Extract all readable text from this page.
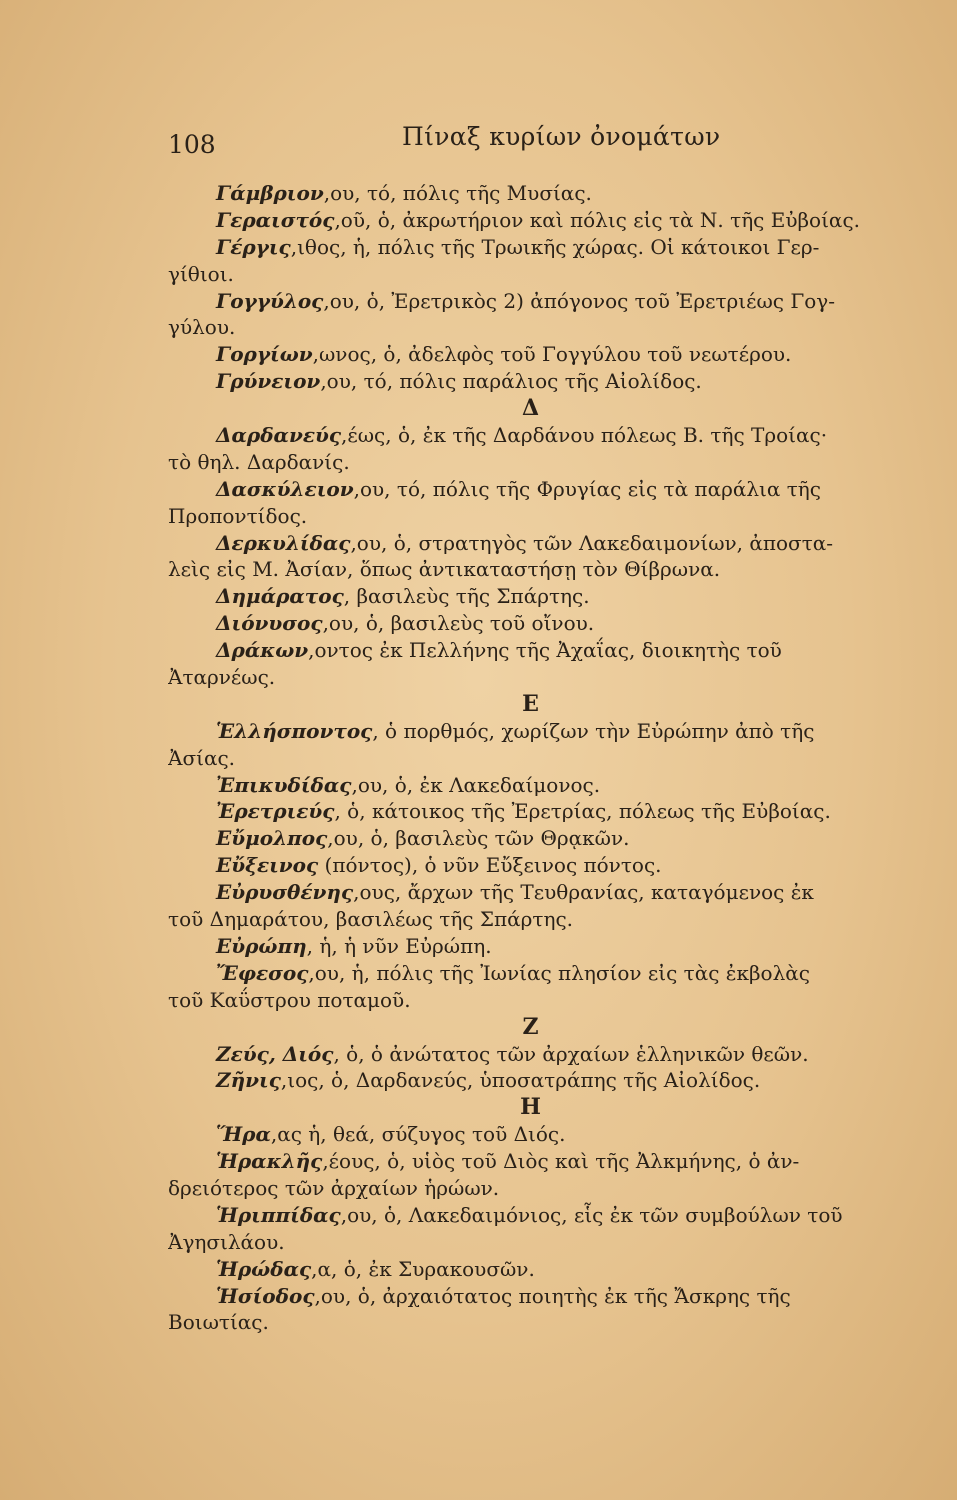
108	Πίναξ κυρίων ὀνομάτων
Γάμβριον,ου, τό, πόλις τῆς Μυσίας.
Γεραιστός,οῦ, ὁ, ἀκρωτήριον καὶ πόλις εἰς τὰ Ν. τῆς Εὐβοίας.
Γέργις,ιθος, ἡ, πόλις τῆς Τρωικῆς χώρας. Οἱ κάτοικοι Γερ-
γίθιοι.
Γογγύλος,ου, ὁ, Ἐρετρικὸς 2) ἀπόγονος τοῦ Ἐρετριέως Γογ-
γύλου.
Γοργίων,ωνος, ὁ, ἀδελφὸς τοῦ Γογγύλου τοῦ νεωτέρου.
Γρύνειον,ου, τό, πόλις παράλιος τῆς Αἰολίδος.
Δ
Δαρδανεύς,έως, ὁ, ἐκ τῆς Δαρδάνου πόλεως Β. τῆς Τροίας·
τὸ θηλ. Δαρδανίς.
Δασκύλειον,ου, τό, πόλις τῆς Φρυγίας εἰς τὰ παράλια τῆς
Προποντίδος.
Δερκυλίδας,ου, ὁ, στρατηγὸς τῶν Λακεδαιμονίων, ἀποστα-
λεὶς εἰς Μ. Ἀσίαν, ὅπως ἀντικαταστήσῃ τὸν Θίβρωνα.
Δημάρατος, βασιλεὺς τῆς Σπάρτης.
Διόνυσος,ου, ὁ, βασιλεὺς τοῦ οἴνου.
Δράκων,οντος ἐκ Πελλήνης τῆς Ἀχαΐας, διοικητὴς τοῦ
Ἀταρνέως.
Ε
Ἑλλήσποντος, ὁ πορθμός, χωρίζων τὴν Εὐρώπην ἀπὸ τῆς
Ἀσίας.
Ἐπικυδίδας,ου, ὁ, ἐκ Λακεδαίμονος.
Ἐρετριεύς, ὁ, κάτοικος τῆς Ἐρετρίας, πόλεως τῆς Εὐβοίας.
Εὔμολπος,ου, ὁ, βασιλεὺς τῶν Θρᾳκῶν.
Εὔξεινος (πόντος), ὁ νῦν Εὔξεινος πόντος.
Εὐρυσθένης,ους, ἄρχων τῆς Τευθρανίας, καταγόμενος ἐκ
τοῦ Δημαράτου, βασιλέως τῆς Σπάρτης.
Εὐρώπη, ἡ, ἡ νῦν Εὐρώπη.
Ἔφεσος,ου, ἡ, πόλις τῆς Ἰωνίας πλησίον εἰς τὰς ἐκβολὰς
τοῦ Καΰστρου ποταμοῦ.
Ζ
Ζεύς, Διός, ὁ, ὁ ἀνώτατος τῶν ἀρχαίων ἑλληνικῶν θεῶν.
Ζῆνις,ιος, ὁ, Δαρδανεύς, ὑποσατράπης τῆς Αἰολίδος.
Η
Ἥρα,ας ἡ, θεά, σύζυγος τοῦ Διός.
Ἡρακλῆς,έους, ὁ, υἱὸς τοῦ Διὸς καὶ τῆς Ἀλκμήνης, ὁ ἀν-
δρειότερος τῶν ἀρχαίων ἡρώων.
Ἡριππίδας,ου, ὁ, Λακεδαιμόνιος, εἷς ἐκ τῶν συμβούλων τοῦ
Ἀγησιλάου.
Ἡρώδας,α, ὁ, ἐκ Συρακουσῶν.
Ἡσίοδος,ου, ὁ, ἀρχαιότατος ποιητὴς ἐκ τῆς Ἄσκρης τῆς
Βοιωτίας.
